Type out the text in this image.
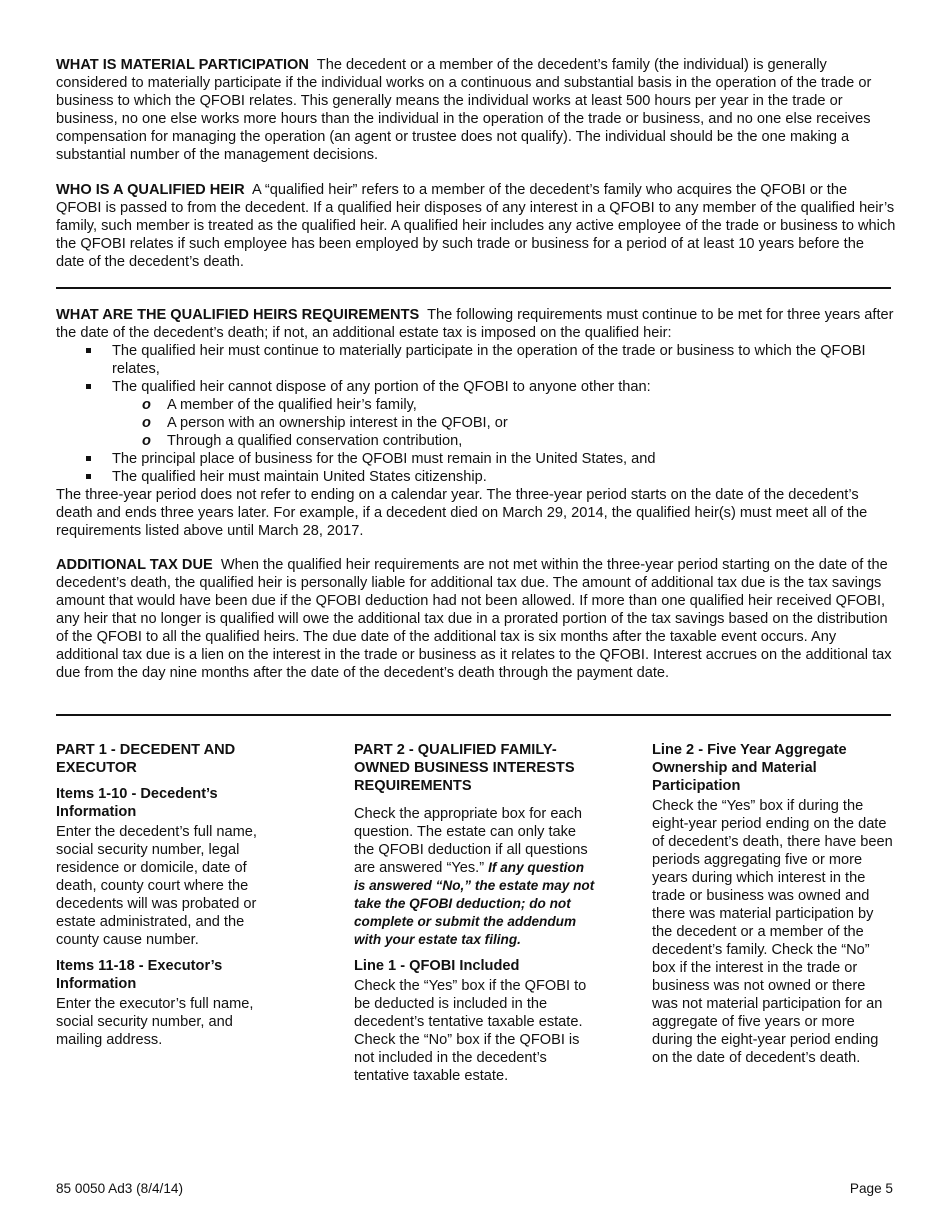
WHAT IS MATERIAL PARTICIPATION The decedent or a member of the decedent’s family (the individual) is generally considered to materially participate if the individual works on a continuous and substantial basis in the operation of the trade or business to which the QFOBI relates. This generally means the individual works at least 500 hours per year in the trade or business, no one else works more hours than the individual in the operation of the trade or business, and no one else receives compensation for managing the operation (an agent or trustee does not qualify). The individual should be the one making a substantial number of the management decisions.

WHO IS A QUALIFIED HEIR A “qualified heir” refers to a member of the decedent’s family who acquires the QFOBI or the QFOBI is passed to from the decedent. If a qualified heir disposes of any interest in a QFOBI to any member of the qualified heir’s family, such member is treated as the qualified heir. A qualified heir includes any active employee of the trade or business to which the QFOBI relates if such employee has been employed by such trade or business for a period of at least 10 years before the date of the decedent’s death.

WHAT ARE THE QUALIFIED HEIRS REQUIREMENTS The following requirements must continue to be met for three years after the date of the decedent’s death; if not, an additional estate tax is imposed on the qualified heir:

The qualified heir must continue to materially participate in the operation of the trade or business to which the QFOBI relates,
The qualified heir cannot dispose of any portion of the QFOBI to anyone other than:
o A member of the qualified heir’s family,
o A person with an ownership interest in the QFOBI, or
o Through a qualified conservation contribution,
The principal place of business for the QFOBI must remain in the United States, and
The qualified heir must maintain United States citizenship.

The three-year period does not refer to ending on a calendar year. The three-year period starts on the date of the decedent’s death and ends three years later. For example, if a decedent died on March 29, 2014, the qualified heir(s) must meet all of the requirements listed above until March 28, 2017.

ADDITIONAL TAX DUE When the qualified heir requirements are not met within the three-year period starting on the date of the decedent’s death, the qualified heir is personally liable for additional tax due. The amount of additional tax due is the tax savings amount that would have been due if the QFOBI deduction had not been allowed. If more than one qualified heir received QFOBI, any heir that no longer is qualified will owe the additional tax due in a prorated portion of the tax savings based on the distribution of the QFOBI to all the qualified heirs. The due date of the additional tax is six months after the taxable event occurs. Any additional tax due is a lien on the interest in the trade or business as it relates to the QFOBI. Interest accrues on the additional tax due from the day nine months after the date of the decedent’s death through the payment date.

PART 1 - DECEDENT AND EXECUTOR
Items 1-10 - Decedent’s Information

Enter the decedent’s full name, social security number, legal residence or domicile, date of death, county court where the decedents will was probated or estate administrated, and the county cause number.

Items 11-18 - Executor’s Information

Enter the executor’s full name, social security number, and mailing address.

PART 2 - QUALIFIED FAMILY-OWNED BUSINESS INTERESTS REQUIREMENTS

Check the appropriate box for each question. The estate can only take the QFOBI deduction if all questions are answered “Yes.” If any question is answered “No,” the estate may not take the QFOBI deduction; do not complete or submit the addendum with your estate tax filing.

Line 1 - QFOBI Included

Check the “Yes” box if the QFOBI to be deducted is included in the decedent’s tentative taxable estate. Check the “No” box if the QFOBI is not included in the decedent’s tentative taxable estate.

Line 2 - Five Year Aggregate Ownership and Material Participation

Check the “Yes” box if during the eight-year period ending on the date of decedent’s death, there have been periods aggregating five or more years during which interest in the trade or business was owned and there was material participation by the decedent or a member of the decedent’s family. Check the “No” box if the interest in the trade or business was not owned or there was not material participation for an aggregate of five years or more during the eight-year period ending on the date of decedent’s death.

85 0050 Ad3 (8/4/14)	Page 5
